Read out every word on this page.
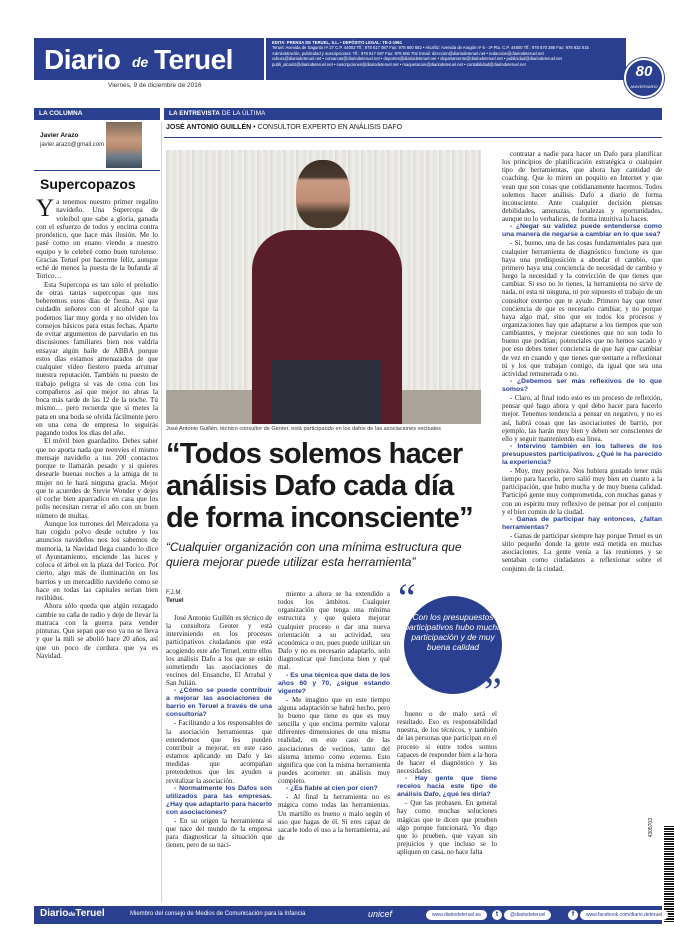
Diario de Teruel
Viernes, 9 de diciembre de 2016
EDITA: PRENSA DE TERUEL, S.L. • DEPÓSITO LEGAL: TE-2-1961
Teruel: Avenida de Sagunto nº 27 C.P. 44002 Tlf.: 978 617 087 Fax: 978 600 682 • Alcañiz: Avenida de Aragón nº 6 - 3ª Pta. C.P. 44600 Tlf.: 978 870 386 Fax: 978 832 515
Administración, publicidad y suscripciones: Tlf.: 978 617 087 Fax: 978 606 702 Email: direccion@diariodeteruel.net • redaccion@diariodeteruel.net
cultura@diariodeteruel.net • comarcas@diariodeteruel.net • deportes@diariodeteruel.net • departamento@diariodeteruel.net • publicidad@diariodeteruel.net
publi_alcaniz@diariodeteruel.net • suscripciones@diariodeteruel.net • maquetacion@diariodeteruel.net • contabilidad@diariodeteruel.net	80
ANIVERSARIO
LA COLUMNA	LA ENTREVISTA DE LA ÚLTIMA
Javier Arazo
javier.arazo@gmail.com
Supercopazos

Ya tenemos nuestro primer regalito navideño. Una Supercopa de voleibol que sabe a gloria, ganada con el esfuerzo de todos y encima contra pronóstico, que hace más ilusión. Me lo pasé como un enano viendo a nuestro equipo y le celebré como buen turolense. Gracias Teruel por hacerme feliz, aunque eché de menos la puesta de la bufanda al Torico…

Esta Supercopa es tan sólo el preludio de otras tantas supercopas que nos beberemos estos días de fiesta. Así que cuidadín señores con el alcohol que la podemos liar muy gorda y no olviden los consejos básicos para estas fechas. Aparte de evitar argumentos de parvulario en tus discusiones familiares bien nos valdría ensayar algún baile de ABBA porque estos días estamos amenazados de que cualquier vídeo fiestero pueda arruinar nuestra reputación. También tu puesto de trabajo peligra si vas de cena con los compañeros así que mejor no abras la boca más tarde de las 12 de la noche. Tú mismo… pero recuerda que si metes la pata en una boda se olvida fácilmente pero en una cena de empresa lo seguirás pagando todos los días del año.

El móvil bien guardadito. Debes saber que no aporta nada que reenvíes el mismo mensaje navideño a tus 200 contactos porque te llamarán pesado y si quieres desearle buenas noches a la amiga de tu mujer no le hará ninguna gracia. Mejor que te acuerdes de Stevie Wonder y dejes el coche bien aparcadico en casa que los polis necesitan cerrar el año con un buen número de multas.

Aunque los turrones del Mercadona ya han cogido polvo desde octubre y los anuncios navideños nos los sabemos de memoria, la Navidad llega cuando lo dice el Ayuntamiento, enciende las luces y coloca el árbol en la plaza del Torico. Por cierto, algo más de iluminación en los barrios y un mercadillo navideño como se hace en todas las capitales serían bien recibidos.

Ahora sólo queda que algún rezagado cambie su caña de radio y deje de llevar la matraca con la guerra para vender pinturas. Que sepan que eso ya no se lleva y que la mili se abolió hace 20 años, así que un poco de cordura que ya es Navidad.

JOSÉ ANTONIO GUILLÉN • CONSULTOR EXPERTO EN ANÁLISIS DAFO
José Antonio Guillén, técnico consultor de Geoter, está participando en los dafos de las asociaciones vecinales
“Todos solemos hacer análisis Dafo cada día de forma inconsciente”
“Cualquier organización con una mínima estructura que quiera mejorar puede utilizar esta herramienta”
F.J.M.
Teruel

José Antonio Guillén es técnico de la consultora Geoter y está interviniendo en los procesos participativos ciudadanos que está acogiendo este año Teruel, entre ellos los análisis Dafo a los que se están sometiendo las asociaciones de vecinos del Ensanche, El Arrabal y San Julián.

- ¿Cómo se puede contribuir a mejorar las asociaciones de barrio en Teruel a través de una consultoría?

- Facilitando a los responsables de la asociación herramientas que entendemos que les pueden contribuir a mejorar, en este caso estamos aplicando un Dafo y las medidas que acompañan pretendemos que les ayuden a revitalizar la asociación.

- Normalmente los Dafos son utilizados para las empresas. ¿Hay que adaptarlo para hacerlo con asociaciones?

- En su origen la herramienta sí que nace del mundo de la empresa para diagnosticar la situación que tienen, pero de su naci-

miento a ahora se ha extendido a todos los ámbitos. Cualquier organización que tenga una mínima estructura y que quiera mejorar cualquier proceso o dar una nueva orientación a su actividad, sea económica o no, pues puede utilizar un Dafo y no es necesario adaptarlo, solo diagnosticar qué funciona bien y qué mal.

- Es una técnica que data de los años 60 y 70, ¿sigue estando vigente?

- Me imagino que en este tiempo alguna adaptación se habrá hecho, pero lo bueno que tiene es que es muy sencilla y que encima permite valorar diferentes dimensiones de una misma realidad, en este caso de las asociaciones de vecinos, tanto del sistema interno como externo. Esto significa que con la misma herramienta puedes acometer un análisis muy completo.

- ¿Es fiable al cien por cien?

- Al final la herramienta no es mágica como todas las herramientas. Un martillo es bueno o malo según el uso que hagas de él. Si eres capaz de sacarle todo el uso a la herramienta, así de

“
Con los presupuestos participativos hubo mucha participación y de muy buena calidad
”

bueno o de malo será el resultado. Eso es responsabilidad nuestra, de los técnicos, y también de las personas que participan en el proceso si entre todos somos capaces de responder bien a la hora de hacer el diagnóstico y las necesidades.

- Hay gente que tiene recelos hacia este tipo de análisis Dafo, ¿qué les diría?

- Que las probasen. En general hay como muchas soluciones mágicas que te dicen que prueben algo porque funcionará. Yo digo que lo prueben, que vayan sin prejuicios y que incluso se lo apliquen en casa, no hace falta

contratar a nadie para hacer un Dafo para planificar los principios de planificación estratégica o cualquier tipo de herramientas, que ahora hay cantidad de coaching. Que lo miren un poquito en Internet y que vean que son cosas que cotidianamente hacemos. Todos solemos hacer análisis Dafo a diario de forma inconsciente. Ante cualquier decisión piensas debilidades, amenazas, fortalezas y oportunidades, aunque no lo verbalices, de forma intuitiva lo haces.

- ¿Negar su validez puede entenderse como una manera de negarse a cambiar en lo que sea?

- Sí, bueno, una de las cosas fundamentales para que cualquier herramienta de diagnóstico funcione es que haya una predisposición a abordar el cambio, que primero haya una conciencia de necesidad de cambio y luego la necesidad y la convicción de que tienes que cambiar. Si eso no lo tienes, la herramienta no sirve de nada, ni esta ni ninguna, ni por supuesto el trabajo de un consultor externo que te ayude. Primero hay que tener conciencia de que es necesario cambiar, y no porque haya algo mal, sino que en todos los procesos y organizaciones hay que adaptarse a los tiempos que son cambiantes, y mejorar cuestiones que no son todo lo bueno que podrían; potenciales que no hemos sacado y por eso debes tener conciencia de que hay que cambiar de vez en cuando y que tienes que sentarte a reflexionar tú y los que trabajan contigo, da igual que sea una actividad remunerada o no.

- ¿Debemos ser más reflexivos de lo que somos?

- Claro, al final todo esto es un proceso de reflexión, pensar qué hago ahora y qué debo hacer para hacerlo mejor. Tenemos tendencia a pensar en negativo, y no es así, habrá cosas que las asociaciones de barrio, por ejemplo, las harán muy bien y deben ser conscientes de ello y seguir manteniendo esa línea.

- Intervino también en los talleres de los presupuestos participativos. ¿Qué le ha parecido la experiencia?

- Muy, muy positiva. Nos hubiera gustado tener más tiempo para hacerlo, pero salió muy bien en cuanto a la participación, que hubo mucha y de muy buena calidad. Participó gente muy comprometida, con muchas ganas y con un espíritu muy reflexivo de pensar por el conjunto y el bien común de la ciudad.

- Ganas de participar hay entonces, ¿faltan herramientas?

- Ganas de participar siempre hay porque Teruel es un sitio pequeño donde la gente está metida en muchas asociaciones. La gente venía a las reuniones y se sentaban como ciudadanos a reflexionar sobre el conjunto de la ciudad.

4305703
DiariodeTeruel	Miembro del consejo de Medios de Comunicación para la Infancia	unicef	www.diariodeteruel.es	t	@diariodeteruel	f	www.facebook.com/diario.deteruel
